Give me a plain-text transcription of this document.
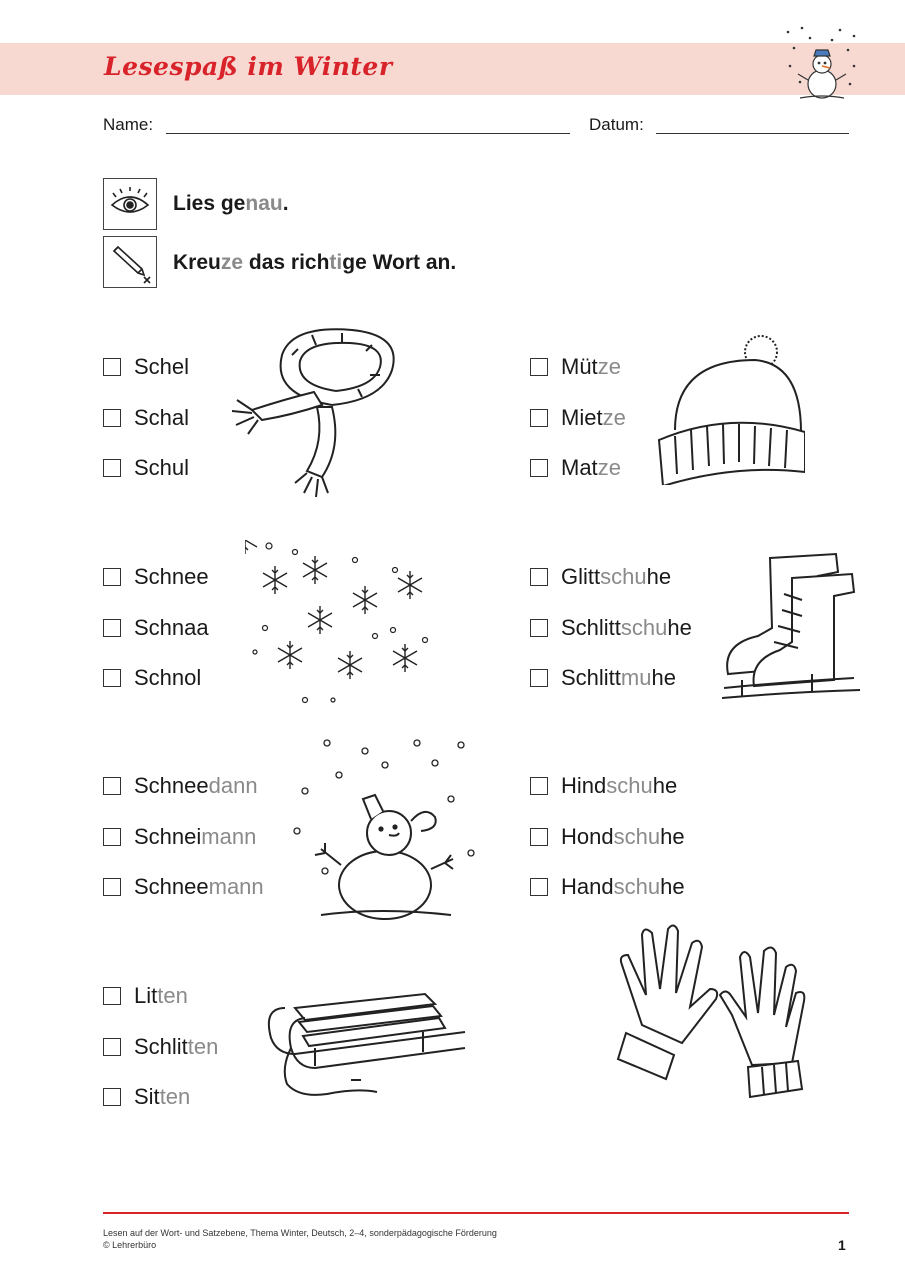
Lesespaß im Winter
Name:	Datum:
Lies genau.
Kreuze das richtige Wort an.
Schel
Schal
Schul
Mütze
Mietze
Matze
Schnee
Schnaa
Schnol
Glittschuhe
Schlittschuhe
Schlittmuhe
Schneedann
Schneimann
Schneemann
Hindschuhe
Hondschuhe
Handschuhe
Litten
Schlitten
Sitten
Lesen auf der Wort- und Satzebene, Thema Winter, Deutsch, 2–4, sonderpädagogische Förderung
© Lehrerbüro	1
